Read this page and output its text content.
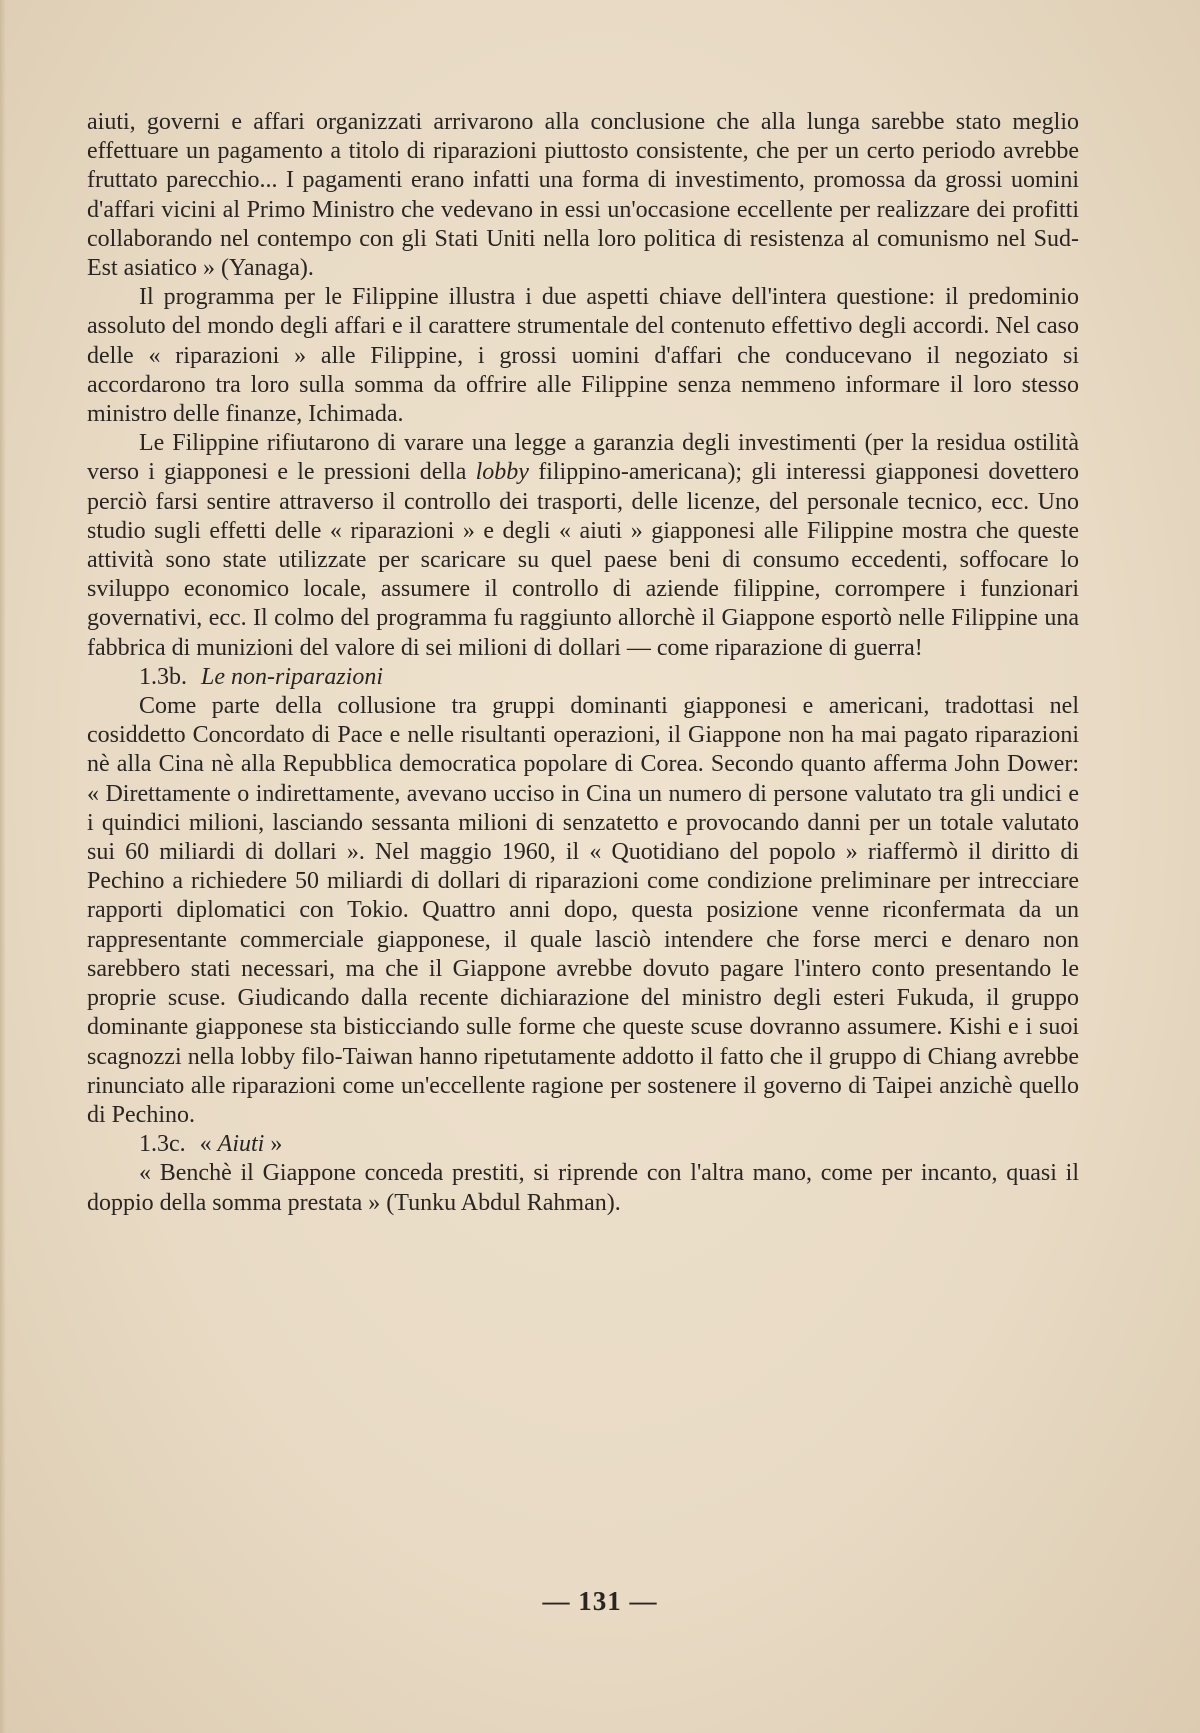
aiuti, governi e affari organizzati arrivarono alla conclusione che alla lunga sarebbe stato meglio effettuare un pagamento a titolo di riparazioni piuttosto consistente, che per un certo periodo avrebbe fruttato parecchio... I pagamenti erano infatti una forma di investimento, promossa da grossi uomini d'affari vicini al Primo Ministro che vedevano in essi un'occasione eccellente per realizzare dei profitti collaborando nel contempo con gli Stati Uniti nella loro politica di resistenza al comunismo nel Sud-Est asiatico » (Yanaga).

Il programma per le Filippine illustra i due aspetti chiave dell'intera questione: il predominio assoluto del mondo degli affari e il carattere strumentale del contenuto effettivo degli accordi. Nel caso delle « riparazioni » alle Filippine, i grossi uomini d'affari che conducevano il negoziato si accordarono tra loro sulla somma da offrire alle Filippine senza nemmeno informare il loro stesso ministro delle finanze, Ichimada.

Le Filippine rifiutarono di varare una legge a garanzia degli investimenti (per la residua ostilità verso i giapponesi e le pressioni della lobby filippino-americana); gli interessi giapponesi dovettero perciò farsi sentire attraverso il controllo dei trasporti, delle licenze, del personale tecnico, ecc. Uno studio sugli effetti delle « riparazioni » e degli « aiuti » giapponesi alle Filippine mostra che queste attività sono state utilizzate per scaricare su quel paese beni di consumo eccedenti, soffocare lo sviluppo economico locale, assumere il controllo di aziende filippine, corrompere i funzionari governativi, ecc. Il colmo del programma fu raggiunto allorchè il Giappone esportò nelle Filippine una fabbrica di munizioni del valore di sei milioni di dollari — come riparazione di guerra!

1.3b. Le non-riparazioni

Come parte della collusione tra gruppi dominanti giapponesi e americani, tradottasi nel cosiddetto Concordato di Pace e nelle risultanti operazioni, il Giappone non ha mai pagato riparazioni nè alla Cina nè alla Repubblica democratica popolare di Corea. Secondo quanto afferma John Dower: « Direttamente o indirettamente, avevano ucciso in Cina un numero di persone valutato tra gli undici e i quindici milioni, lasciando sessanta milioni di senzatetto e provocando danni per un totale valutato sui 60 miliardi di dollari ». Nel maggio 1960, il « Quotidiano del popolo » riaffermò il diritto di Pechino a richiedere 50 miliardi di dollari di riparazioni come condizione preliminare per intrecciare rapporti diplomatici con Tokio. Quattro anni dopo, questa posizione venne riconfermata da un rappresentante commerciale giapponese, il quale lasciò intendere che forse merci e denaro non sarebbero stati necessari, ma che il Giappone avrebbe dovuto pagare l'intero conto presentando le proprie scuse. Giudicando dalla recente dichiarazione del ministro degli esteri Fukuda, il gruppo dominante giapponese sta bisticciando sulle forme che queste scuse dovranno assumere. Kishi e i suoi scagnozzi nella lobby filo-Taiwan hanno ripetutamente addotto il fatto che il gruppo di Chiang avrebbe rinunciato alle riparazioni come un'eccellente ragione per sostenere il governo di Taipei anzichè quello di Pechino.

1.3c. « Aiuti »

« Benchè il Giappone conceda prestiti, si riprende con l'altra mano, come per incanto, quasi il doppio della somma prestata » (Tunku Abdul Rahman).

— 131 —
